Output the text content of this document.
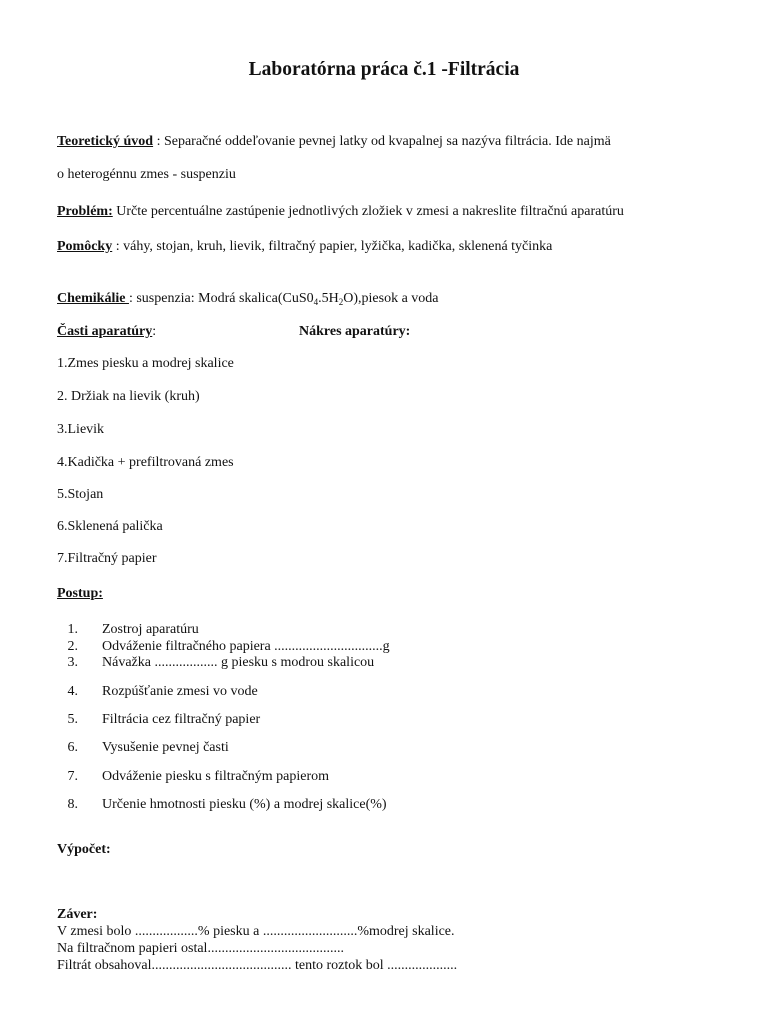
Laboratórna práca č.1 -Filtrácia
Teoretický úvod : Separačné oddeľovanie pevnej latky od kvapalnej sa nazýva filtrácia. Ide najmä
o heterogénnu zmes - suspenziu
Problém: Určte percentuálne zastúpenie jednotlivých zložiek v zmesi a nakreslite filtračnú aparatúru
Pomôcky : váhy, stojan, kruh, lievik, filtračný papier, lyžička, kadička, sklenená tyčinka
Chemikálie : suspenzia: Modrá $skalica(CuS0_4.5H_2O),piesok$ a voda
Časti aparatúry:	Nákres aparatúry:
1.Zmes piesku a modrej skalice
2. Držiak na lievik (kruh)
3.Lievik
4.Kadička + prefiltrovaná zmes
5.Stojan
6.Sklenená palička
7.Filtračný papier
Postup:
1. Zostroj aparatúru
2. Odváženie filtračného papiera ...............................g
3. Návažka .................. g piesku s modrou skalicou
4. Rozpúšťanie zmesi vo vode
5. Filtrácia cez filtračný papier
6. Vysušenie pevnej časti
7. Odváženie piesku s filtračným papierom
8. Určenie hmotnosti piesku (%) a modrej skalice(%)
Výpočet:
Záver:
V zmesi bolo ..................% piesku a ...........................%modrej skalice.
Na filtračnom papieri ostal.......................................
Filtrát obsahoval........................................ tento roztok bol ....................
